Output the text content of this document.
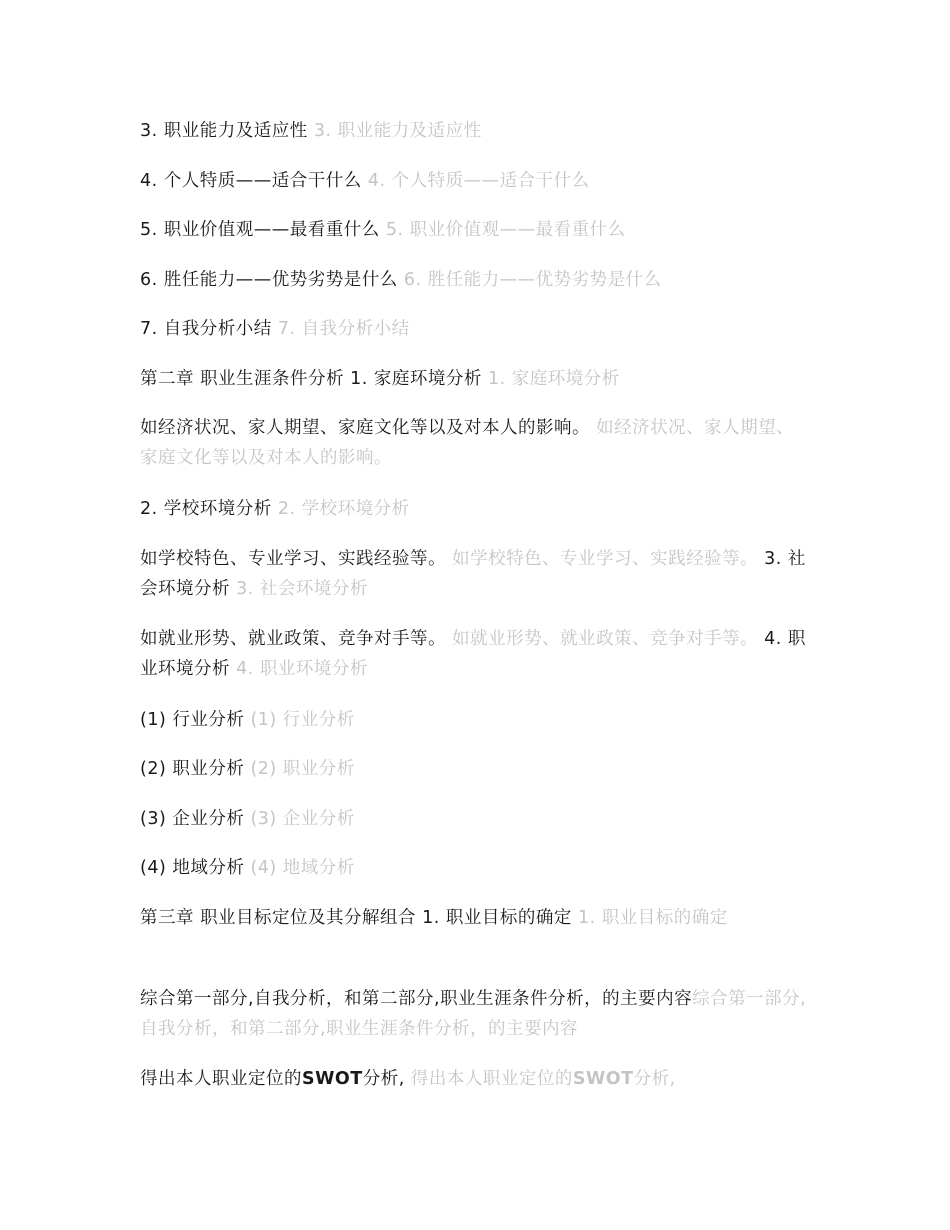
3. 职业能力及适应性 3. 职业能力及适应性

4. 个人特质——适合干什么 4. 个人特质——适合干什么

5. 职业价值观——最看重什么 5. 职业价值观——最看重什么

6. 胜任能力——优势劣势是什么 6. 胜任能力——优势劣势是什么

7. 自我分析小结 7. 自我分析小结

第二章 职业生涯条件分析 1. 家庭环境分析 1. 家庭环境分析

如经济状况、家人期望、家庭文化等以及对本人的影响。 如经济状况、家人期望、家庭文化等以及对本人的影响。

2. 学校环境分析 2. 学校环境分析

如学校特色、专业学习、实践经验等。 如学校特色、专业学习、实践经验等。 3. 社会环境分析 3. 社会环境分析

如就业形势、就业政策、竞争对手等。 如就业形势、就业政策、竞争对手等。 4. 职业环境分析 4. 职业环境分析

(1) 行业分析 (1) 行业分析

(2) 职业分析 (2) 职业分析

(3) 企业分析 (3) 企业分析

(4) 地域分析 (4) 地域分析

第三章 职业目标定位及其分解组合 1. 职业目标的确定 1. 职业目标的确定

综合第一部分,自我分析，和第二部分,职业生涯条件分析，的主要内容综合第一部分,自我分析，和第二部分,职业生涯条件分析，的主要内容

得出本人职业定位的SWOT分析, 得出本人职业定位的SWOT分析,
